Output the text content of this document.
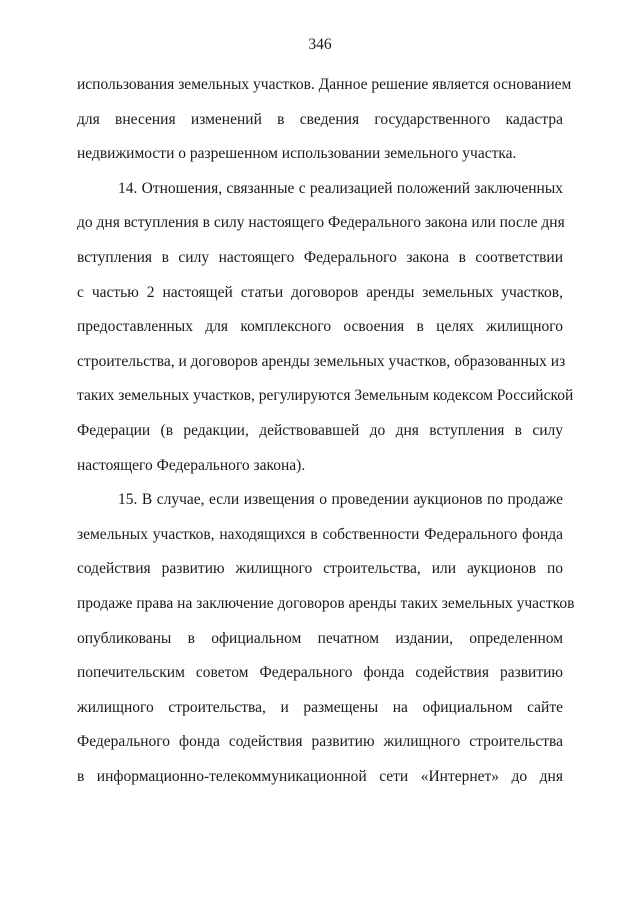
346
использования земельных участков. Данное решение является основанием
для внесения изменений в сведения государственного кадастра
недвижимости о разрешенном использовании земельного участка.
14. Отношения, связанные с реализацией положений заключенных
до дня вступления в силу настоящего Федерального закона или после дня
вступления в силу настоящего Федерального закона в соответствии
с частью 2 настоящей статьи договоров аренды земельных участков,
предоставленных для комплексного освоения в целях жилищного
строительства, и договоров аренды земельных участков, образованных из
таких земельных участков, регулируются Земельным кодексом Российской
Федерации (в редакции, действовавшей до дня вступления в силу
настоящего Федерального закона).
15. В случае, если извещения о проведении аукционов по продаже
земельных участков, находящихся в собственности Федерального фонда
содействия развитию жилищного строительства, или аукционов по
продаже права на заключение договоров аренды таких земельных участков
опубликованы в официальном печатном издании, определенном
попечительским советом Федерального фонда содействия развитию
жилищного строительства, и размещены на официальном сайте
Федерального фонда содействия развитию жилищного строительства
в информационно-телекоммуникационной сети «Интернет» до дня
